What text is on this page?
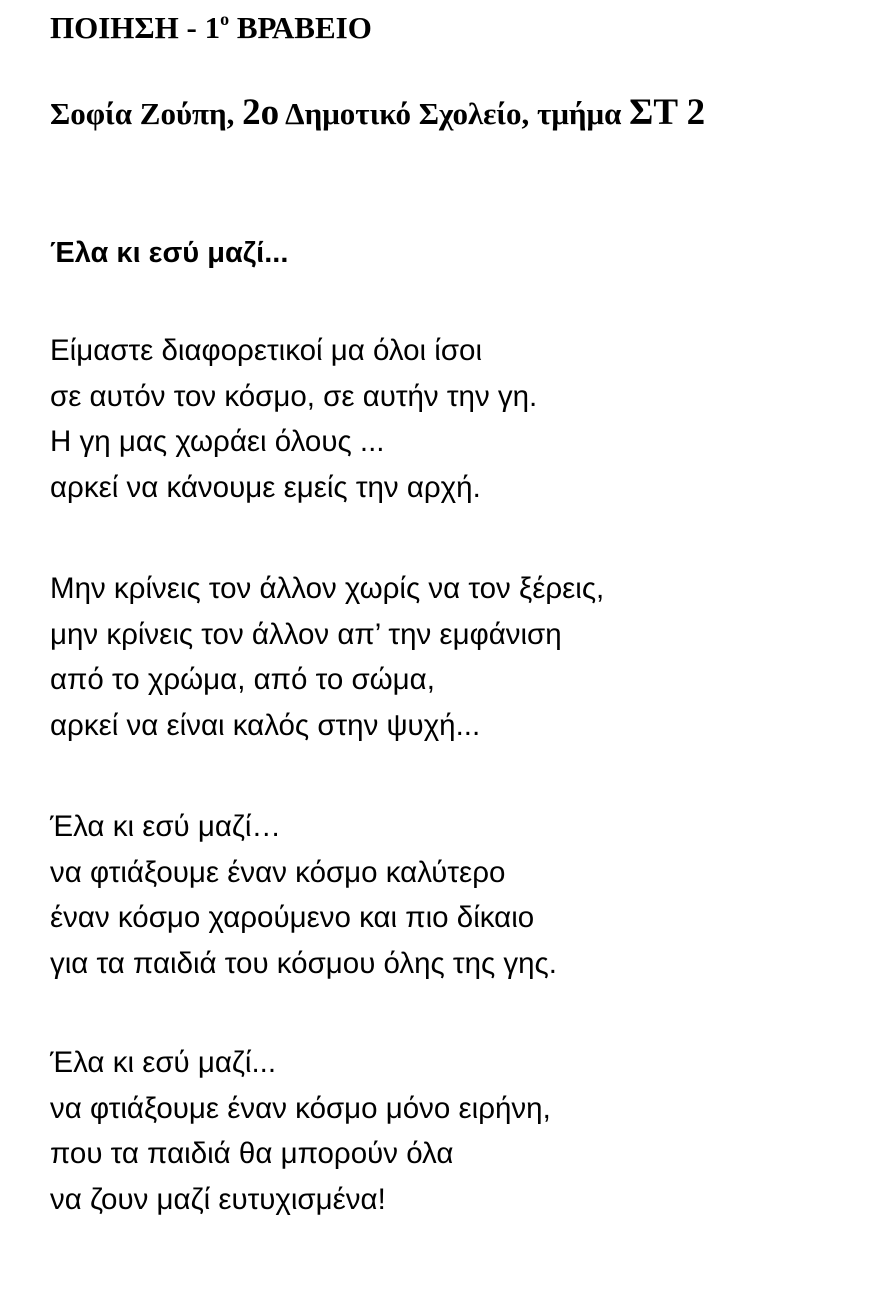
ΠΟΙΗΣΗ - $1^o$ ΒΡΑΒΕΙΟ
Σοφία Ζούπη, 2ο Δημοτικό Σχολείο, τμήμα ΣΤ 2
Έλα κι εσύ μαζί...
Είμαστε διαφορετικοί μα όλοι ίσοι
σε αυτόν τον κόσμο, σε αυτήν την γη.
Η γη μας χωράει όλους ...
αρκεί να κάνουμε εμείς την αρχή.
Μην κρίνεις τον άλλον χωρίς να τον ξέρεις,
μην κρίνεις τον άλλον απ’ την εμφάνιση
από το χρώμα, από το σώμα,
αρκεί να είναι καλός στην ψυχή...
Έλα κι εσύ μαζί…
να φτιάξουμε έναν κόσμο καλύτερο
έναν κόσμο χαρούμενο και πιο δίκαιο
για τα παιδιά του κόσμου όλης της γης.
Έλα κι εσύ μαζί...
να φτιάξουμε έναν κόσμο μόνο ειρήνη,
που τα παιδιά θα μπορούν όλα
να ζουν μαζί ευτυχισμένα!
